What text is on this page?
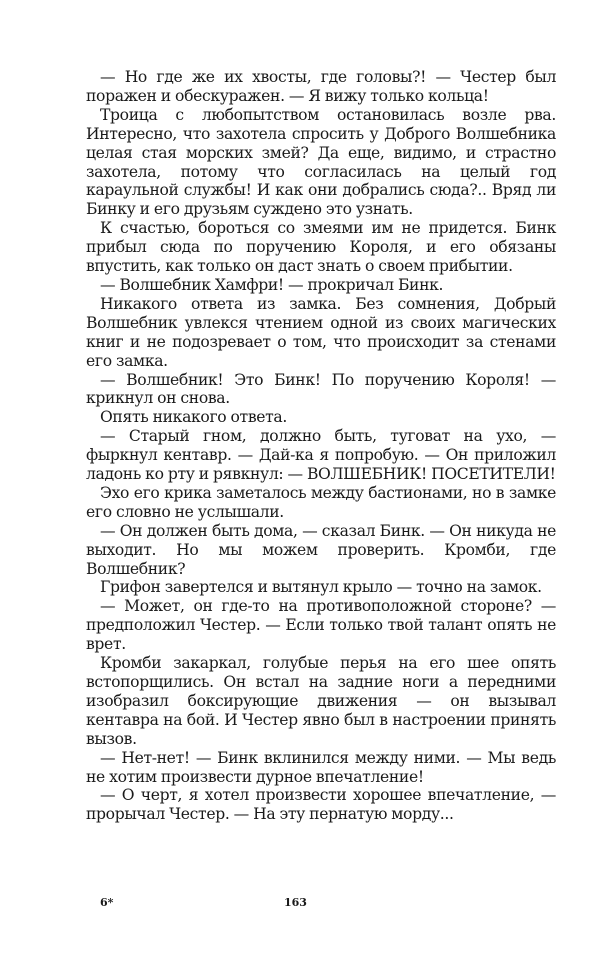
— Но где же их хвосты, где головы?! — Честер был поражен и обескуражен. — Я вижу только кольца!

Троица с любопытством остановилась возле рва. Интересно, что захотела спросить у Доброго Волшебника целая стая морских змей? Да еще, видимо, и страстно захотела, потому что согласилась на целый год караульной службы! И как они добрались сюда?.. Вряд ли Бинку и его друзьям суждено это узнать.

К счастью, бороться со змеями им не придется. Бинк прибыл сюда по поручению Короля, и его обязаны впустить, как только он даст знать о своем прибытии.

— Волшебник Хамфри! — прокричал Бинк.

Никакого ответа из замка. Без сомнения, Добрый Волшебник увлекся чтением одной из своих магических книг и не подозревает о том, что происходит за стенами его замка.

— Волшебник! Это Бинк! По поручению Короля! — крикнул он снова.

Опять никакого ответа.

— Старый гном, должно быть, туговат на ухо, — фыркнул кентавр. — Дай-ка я попробую. — Он приложил ладонь ко рту и рявкнул: — ВОЛШЕБНИК! ПОСЕТИТЕЛИ!

Эхо его крика заметалось между бастионами, но в замке его словно не услышали.

— Он должен быть дома, — сказал Бинк. — Он никуда не выходит. Но мы можем проверить. Кромби, где Волшебник?

Грифон завертелся и вытянул крыло — точно на замок.

— Может, он где-то на противоположной стороне? — предположил Честер. — Если только твой талант опять не врет.

Кромби закаркал, голубые перья на его шее опять встопорщились. Он встал на задние ноги а передними изобразил боксирующие движения — он вызывал кентавра на бой. И Честер явно был в настроении принять вызов.

— Нет-нет! — Бинк вклинился между ними. — Мы ведь не хотим произвести дурное впечатление!

— О черт, я хотел произвести хорошее впечатление, — прорычал Честер. — На эту пернатую морду...

6*	163
